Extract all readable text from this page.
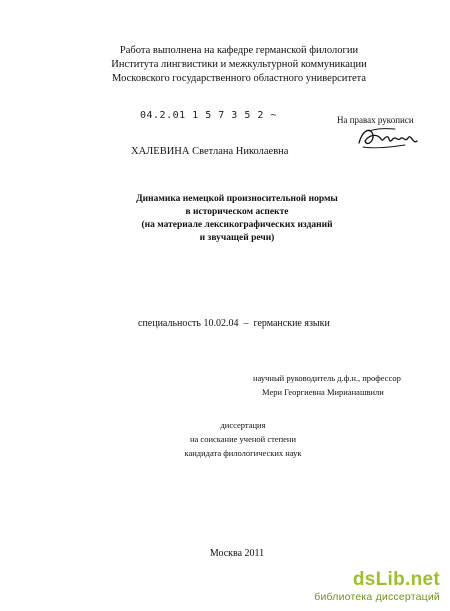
Работа выполнена на кафедре германской филологии
Института лингвистики и межкультурной коммуникации
Московского государственного областного университета
04.2.01 1 5 7 3 5 2 ~	На правах рукописи
ХАЛЕВИНА Светлана Николаевна
Динамика немецкой произносительной нормы
в историческом аспекте
(на материале лексикографических изданий
и звучащей речи)
специальность 10.02.04  –  германские языки
научный руководитель д.ф.н., профессор
Мери Георгиевна Мирианашвили
диссертация
на соискание ученой степени
кандидата филологических наук
Москва 2011
dsLib.net
библиотека диссертаций
